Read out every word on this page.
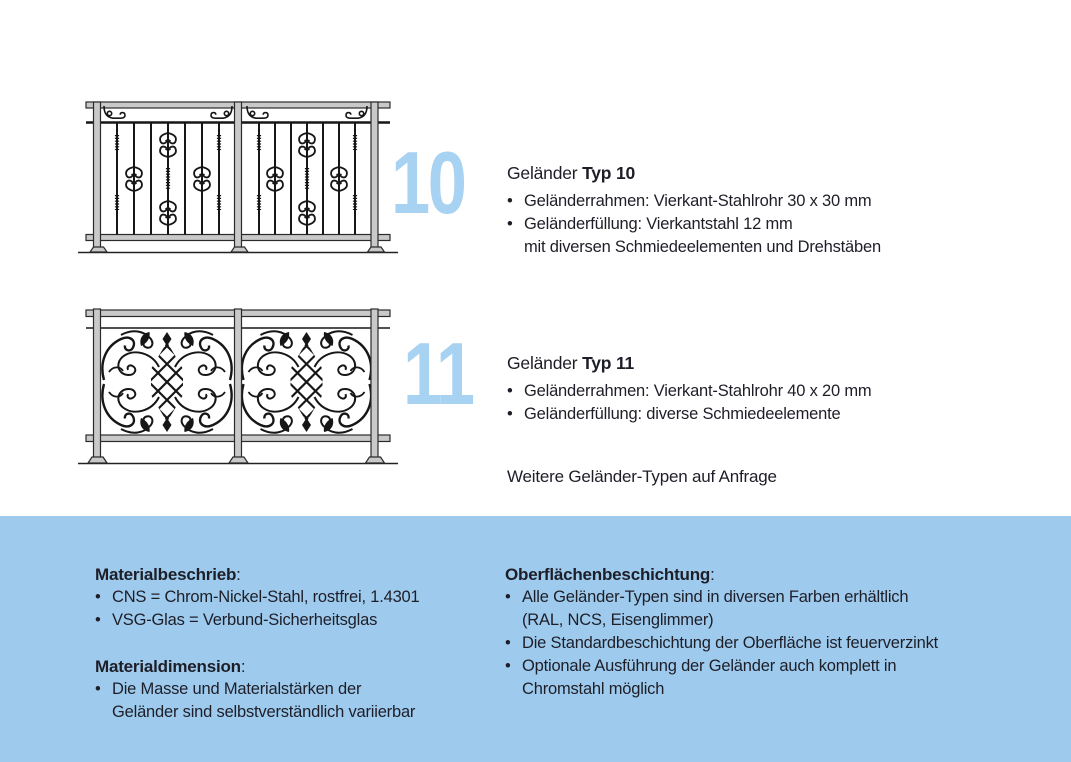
10
11
Geländer Typ 10
• Geländerrahmen: Vierkant-Stahlrohr 30 x 30 mm
• Geländerfüllung: Vierkantstahl 12 mm
mit diversen Schmiedeelementen und Drehstäben
Geländer Typ 11
• Geländerrahmen: Vierkant-Stahlrohr 40 x 20 mm
• Geländerfüllung: diverse Schmiedeelemente
Weitere Geländer-Typen auf Anfrage
Materialbeschrieb:
• CNS = Chrom-Nickel-Stahl, rostfrei, 1.4301
• VSG-Glas = Verbund-Sicherheitsglas
Materialdimension:
• Die Masse und Materialstärken der
Geländer sind selbstverständlich variierbar
Oberflächenbeschichtung:
• Alle Geländer-Typen sind in diversen Farben erhältlich
(RAL, NCS, Eisenglimmer)
• Die Standardbeschichtung der Oberfläche ist feuerverzinkt
• Optionale Ausführung der Geländer auch komplett in
Chromstahl möglich
